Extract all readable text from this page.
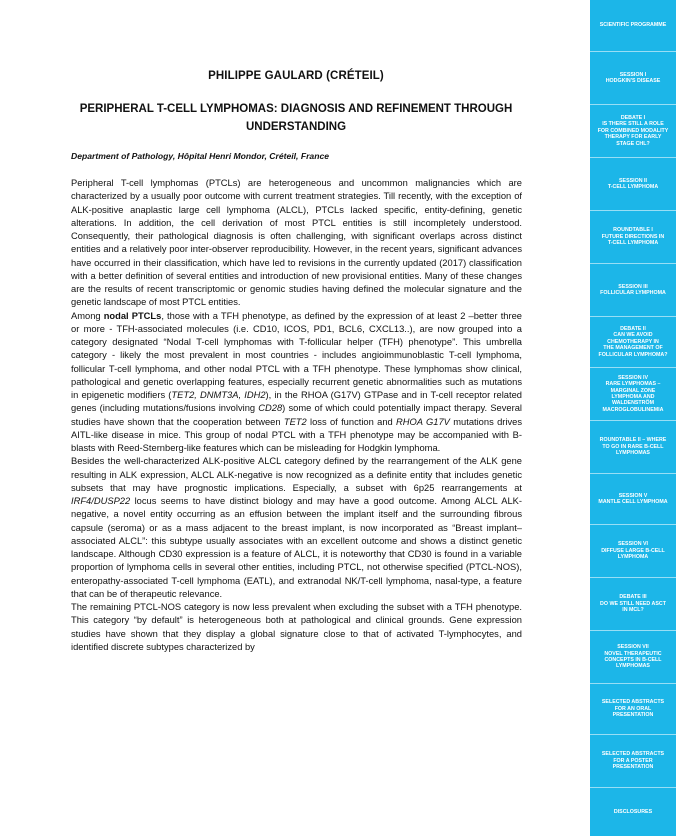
PHILIPPE GAULARD (CRÉTEIL)
PERIPHERAL T-CELL LYMPHOMAS: DIAGNOSIS AND REFINEMENT THROUGH UNDERSTANDING
Department of Pathology, Hôpital Henri Mondor, Créteil, France

Peripheral T-cell lymphomas (PTCLs) are heterogeneous and uncommon malignancies which are characterized by a usually poor outcome with current treatment strategies. Till recently, with the exception of ALK-positive anaplastic large cell lymphoma (ALCL), PTCLs lacked specific, entity-defining, genetic alterations. In addition, the cell derivation of most PTCL entities is still incompletely understood. Consequently, their pathological diagnosis is often challenging, with significant overlaps across distinct entities and a relatively poor inter-observer reproducibility. However, in the recent years, significant advances have occurred in their classification, which have led to revisions in the currently updated (2017) classification with a better definition of several entities and introduction of new provisional entities. Many of these changes are the results of recent transcriptomic or genomic studies having defined the molecular signature and the genetic landscape of most PTCL entities.

Among nodal PTCLs, those with a TFH phenotype, as defined by the expression of at least 2 –better three or more - TFH-associated molecules (i.e. CD10, ICOS, PD1, BCL6, CXCL13..), are now grouped into a category designated “Nodal T-cell lymphomas with T-follicular helper (TFH) phenotype”. This umbrella category - likely the most prevalent in most countries - includes angioimmunoblastic T-cell lymphoma, follicular T-cell lymphoma, and other nodal PTCL with a TFH phenotype. These lymphomas show clinical, pathological and genetic overlapping features, especially recurrent genetic abnormalities such as mutations in epigenetic modifiers (TET2, DNMT3A, IDH2), in the RHOA (G17V) GTPase and in T-cell receptor related genes (including mutations/fusions involving CD28) some of which could potentially impact therapy. Several studies have shown that the cooperation between TET2 loss of function and RHOA G17V mutations drives AITL-like disease in mice. This group of nodal PTCL with a TFH phenotype may be accompanied with B-blasts with Reed-Sternberg-like features which can be misleading for Hodgkin lymphoma.

Besides the well-characterized ALK-positive ALCL category defined by the rearrangement of the ALK gene resulting in ALK expression, ALCL ALK-negative is now recognized as a definite entity that includes genetic subsets that may have prognostic implications. Especially, a subset with 6p25 rearrangements at IRF4/DUSP22 locus seems to have distinct biology and may have a good outcome. Among ALCL ALK-negative, a novel entity occurring as an effusion between the implant itself and the surrounding fibrous capsule (seroma) or as a mass adjacent to the breast implant, is now incorporated as “Breast implant–associated ALCL”: this subtype usually associates with an excellent outcome and shows a distinct genetic landscape. Although CD30 expression is a feature of ALCL, it is noteworthy that CD30 is found in a variable proportion of lymphoma cells in several other entities, including PTCL, not otherwise specified (PTCL-NOS), enteropathy-associated T-cell lymphoma (EATL), and extranodal NK/T-cell lymphoma, nasal-type, a feature that can be of therapeutic relevance.

The remaining PTCL-NOS category is now less prevalent when excluding the subset with a TFH phenotype. This category “by default” is heterogeneous both at pathological and clinical grounds. Gene expression studies have shown that they display a global signature close to that of activated T-lymphocytes, and identified discrete subtypes characterized by

SCIENTIFIC PROGRAMME
SESSION I
HODGKIN'S DISEASE
DEBATE I
IS THERE STILL A ROLE
FOR COMBINED MODALITY
THERAPY FOR EARLY
STAGE CHL?
SESSION II
T-CELL LYMPHOMA
ROUNDTABLE I
FUTURE DIRECTIONS IN
T-CELL LYMPHOMA
SESSION III
FOLLICULAR LYMPHOMA
DEBATE II
CAN WE AVOID
CHEMOTHERAPY IN
THE MANAGEMENT OF
FOLLICULAR LYMPHOMA?
SESSION IV
RARE LYMPHOMAS –
MARGINAL ZONE
LYMPHOMA AND
WALDENSTRÖM
MACROGLOBULINEMIA
ROUNDTABLE II – WHERE
TO GO IN RARE B-CELL
LYMPHOMAS
SESSION V
MANTLE CELL LYMPHOMA
SESSION VI
DIFFUSE LARGE B-CELL
LYMPHOMA
DEBATE III
DO WE STILL NEED ASCT
IN MCL?
SESSION VII
NOVEL THERAPEUTIC
CONCEPTS IN B-CELL
LYMPHOMAS
SELECTED ABSTRACTS
FOR AN ORAL
PRESENTATION
SELECTED ABSTRACTS
FOR A POSTER
PRESENTATION
DISCLOSURES
